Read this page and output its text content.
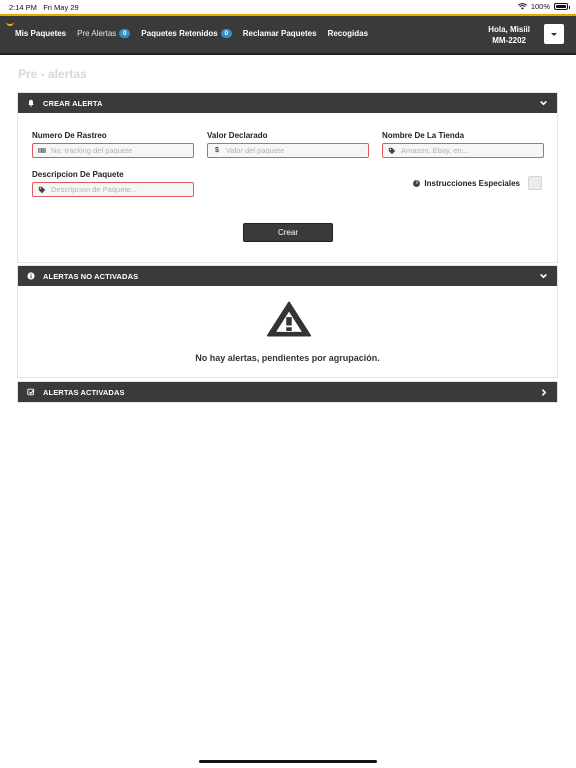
2:14 PM Fri May 29	100%
Mis Paquetes Pre Alertas	0	Paquetes Retenidos	0	Reclamar Paquetes Recogidas	Hola, Misiil
MM-2202
Pre - alertas
CREAR ALERTA
Numero De Rastreo
No. tracking del paquete
Valor Declarado
$ Valor del paquete
Nombre De La Tienda
Amazon, Ebay, etc...
Descripcion De Paquete
Descripcion de Paquete...
i Instrucciones Especiales
Crear
ALERTAS NO ACTIVADAS
No hay alertas, pendientes por agrupación.
ALERTAS ACTIVADAS
